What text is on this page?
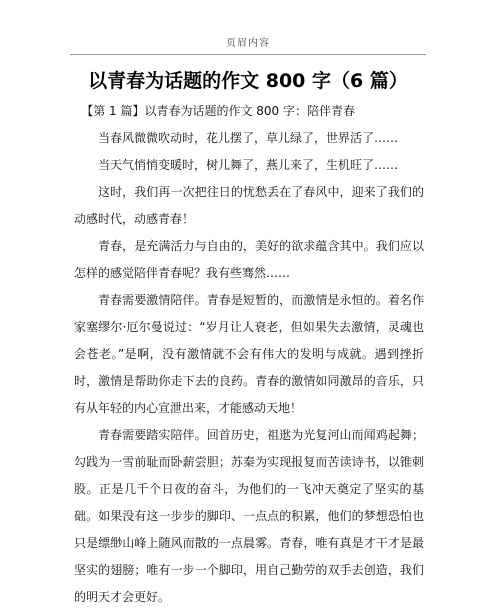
页眉内容
以青春为话题的作文 800 字（6 篇）

【第 1 篇】以青春为话题的作文 800 字：陪伴青春

当春风微微吹动时，花儿摆了，草儿绿了，世界活了……

当天气悄悄变暖时，树儿舞了，燕儿来了，生机旺了……

这时，我们再一次把往日的忧愁丢在了春风中，迎来了我们的动感时代，动感青春！

青春，是充满活力与自由的，美好的欲求蕴含其中。我们应以怎样的感觉陪伴青春呢？我有些骞然……

青春需要激情陪伴。青春是短暂的，而激情是永恒的。着名作家塞缪尔·厄尔曼说过：“岁月让人衰老，但如果失去激情，灵魂也会苍老。”是啊，没有激情就不会有伟大的发明与成就。遇到挫折时，激情是帮助你走下去的良药。青春的激情如同激昂的音乐，只有从年轻的内心宣泄出来，才能感动天地！

青春需要踏实陪伴。回首历史，祖逖为光复河山而闻鸡起舞；勾践为一雪前耻而卧薪尝胆；苏秦为实现报复而苦读诗书，以锥刺股。正是几千个日夜的奋斗，为他们的一飞冲天奠定了坚实的基础。如果没有这一步步的脚印、一点点的积累，他们的梦想恐怕也只是缥缈山峰上随风而散的一点晨雾。青春，唯有真是才干才是最坚实的翅膀；唯有一步一个脚印，用自己勤劳的双手去创造，我们的明天才会更好。
